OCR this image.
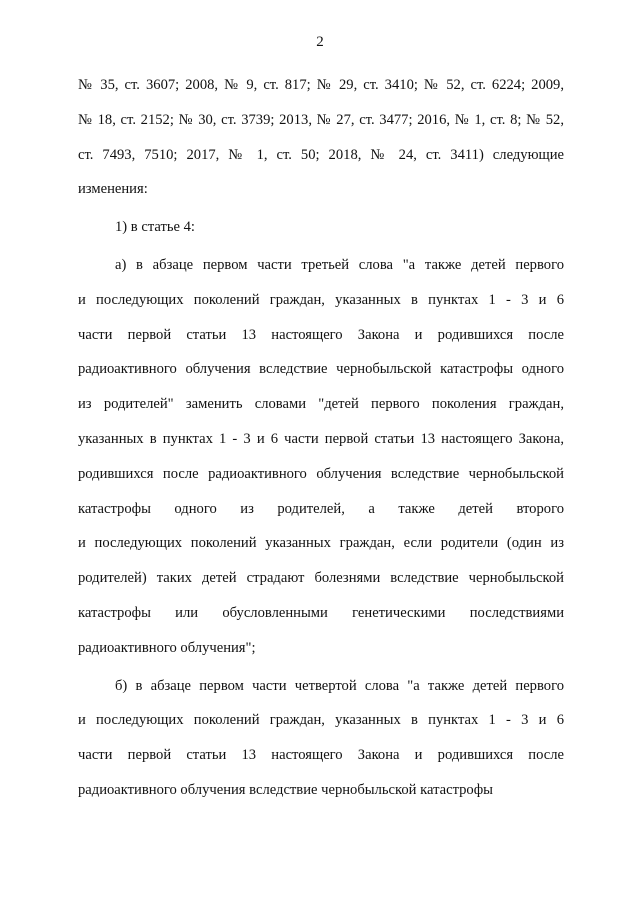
2
№ 35, ст. 3607; 2008, № 9, ст. 817; № 29, ст. 3410; № 52, ст. 6224; 2009,
№ 18, ст. 2152; № 30, ст. 3739; 2013, № 27, ст. 3477; 2016, № 1, ст. 8; № 52,
ст. 7493, 7510; 2017, № 1, ст. 50; 2018, № 24, ст. 3411) следующие
изменения:
1) в статье 4:
а) в абзаце первом части третьей слова "а также детей первого
и последующих поколений граждан, указанных в пунктах 1 - 3 и 6
части первой статьи 13 настоящего Закона и родившихся после
радиоактивного облучения вследствие чернобыльской катастрофы одного
из родителей" заменить словами "детей первого поколения граждан,
указанных в пунктах 1 - 3 и 6 части первой статьи 13 настоящего Закона,
родившихся после радиоактивного облучения вследствие чернобыльской
катастрофы одного из родителей, а также детей второго
и последующих поколений указанных граждан, если родители (один из
родителей) таких детей страдают болезнями вследствие чернобыльской
катастрофы или обусловленными генетическими последствиями
радиоактивного облучения";
б) в абзаце первом части четвертой слова "а также детей первого
и последующих поколений граждан, указанных в пунктах 1 - 3 и 6
части первой статьи 13 настоящего Закона и родившихся после
радиоактивного облучения вследствие чернобыльской катастрофы
